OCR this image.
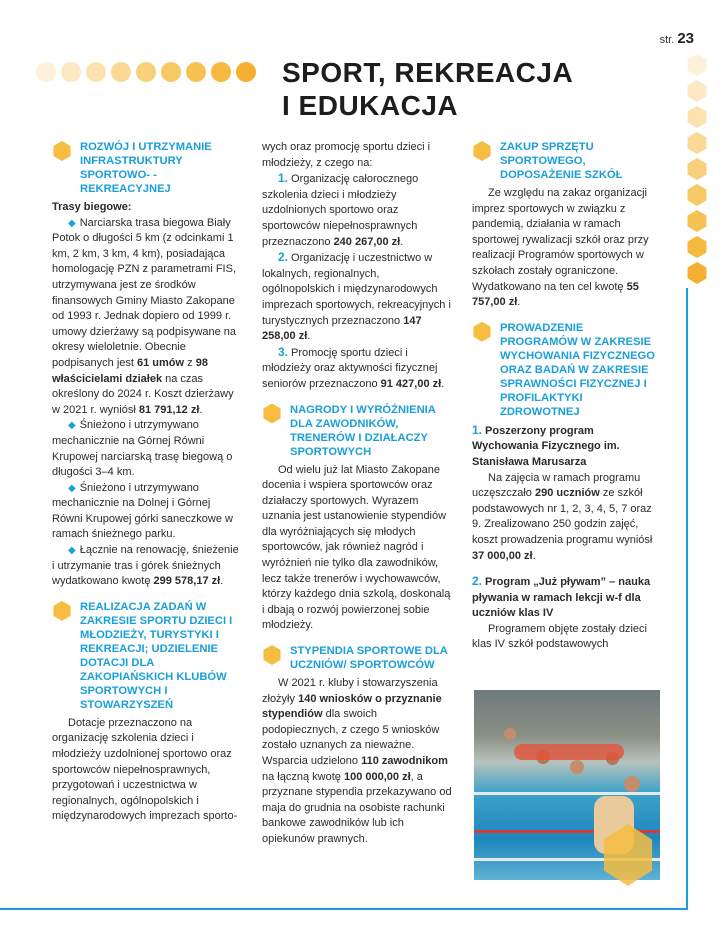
str. 23
SPORT, REKREACJA
I EDUKACJA
ROZWÓJ I UTRZYMANIE INFRASTRUKTURY SPORTOWO- -REKREACYJNEJ

Trasy biegowe:

◆ Narciarska trasa biegowa Biały Potok o długości 5 km (z odcinkami 1 km, 2 km, 3 km, 4 km), posiadająca homologację PZN z parametrami FIS, utrzymywana jest ze środków finansowych Gminy Miasto Zakopane od 1993 r. Jednak dopiero od 1999 r. umowy dzierżawy są podpisywane na okresy wieloletnie. Obecnie podpisanych jest 61 umów z 98 właścicielami działek na czas określony do 2024 r. Koszt dzierżawy w 2021 r. wyniósł 81 791,12 zł.

◆ Śnieżono i utrzymywano mechanicznie na Górnej Równi Krupowej narciarską trasę biegową o długości 3–4 km.

◆ Śnieżono i utrzymywano mechanicznie na Dolnej i Górnej Równi Krupowej górki saneczkowe w ramach śnieżnego parku.

◆ Łącznie na renowację, śnieżenie i utrzymanie tras i górek śnieżnych wydatkowano kwotę 299 578,17 zł.

REALIZACJA ZADAŃ W ZAKRESIE SPORTU DZIECI I MŁODZIEŻY, TURYSTYKI I REKREACJI; UDZIELENIE DOTACJI DLA ZAKOPIAŃSKICH KLUBÓW SPORTOWYCH I STOWARZYSZEŃ

Dotacje przeznaczono na organizację szkolenia dzieci i młodzieży uzdolnionej sportowo oraz sportowców niepełnosprawnych, przygotowań i uczestnictwa w regionalnych, ogólnopolskich i międzynarodowych imprezach sporto-

wych oraz promocję sportu dzieci i młodzieży, z czego na:

1. Organizację całorocznego szkolenia dzieci i młodzieży uzdolnionych sportowo oraz sportowców niepełnosprawnych przeznaczono 240 267,00 zł.

2. Organizację i uczestnictwo w lokalnych, regionalnych, ogólnopolskich i międzynarodowych imprezach sportowych, rekreacyjnych i turystycznych przeznaczono 147 258,00 zł.

3. Promocję sportu dzieci i młodzieży oraz aktywności fizycznej seniorów przeznaczono 91 427,00 zł.

NAGRODY I WYRÓŻNIENIA DLA ZAWODNIKÓW, TRENERÓW I DZIAŁACZY SPORTOWYCH

Od wielu już lat Miasto Zakopane docenia i wspiera sportowców oraz działaczy sportowych. Wyrazem uznania jest ustanowienie stypendiów dla wyróżniających się młodych sportowców, jak również nagród i wyróżnień nie tylko dla zawodników, lecz także trenerów i wychowawców, którzy każdego dnia szkolą, doskonalą i dbają o rozwój powierzonej sobie młodzieży.

STYPENDIA SPORTOWE DLA UCZNIÓW/ SPORTOWCÓW

W 2021 r. kluby i stowarzyszenia złożyły 140 wniosków o przyznanie stypendiów dla swoich podopiecznych, z czego 5 wniosków zostało uznanych za nieważne. Wsparcia udzielono 110 zawodnikom na łączną kwotę 100 000,00 zł, a przyznane stypendia przekazywano od maja do grudnia na osobiste rachunki bankowe zawodników lub ich opiekunów prawnych.

ZAKUP SPRZĘTU SPORTOWEGO, DOPOSAŻENIE SZKÓŁ

Ze względu na zakaz organizacji imprez sportowych w związku z pandemią, działania w ramach sportowej rywalizacji szkół oraz przy realizacji Programów sportowych w szkołach zostały ograniczone. Wydatkowano na ten cel kwotę 55 757,00 zł.

PROWADZENIE PROGRAMÓW W ZAKRESIE WYCHOWANIA FIZYCZNEGO ORAZ BADAŃ W ZAKRESIE SPRAWNOŚCI FIZYCZNEJ I PROFILAKTYKI ZDROWOTNEJ

1. Poszerzony program Wychowania Fizycznego im. Stanisława Marusarza

Na zajęcia w ramach programu uczęszczało 290 uczniów ze szkół podstawowych nr 1, 2, 3, 4, 5, 7 oraz 9. Zrealizowano 250 godzin zajęć, koszt prowadzenia programu wyniósł 37 000,00 zł.

2. Program „Już pływam” – nauka pływania w ramach lekcji w-f dla uczniów klas IV

Programem objęte zostały dzieci klas IV szkół podstawowych
